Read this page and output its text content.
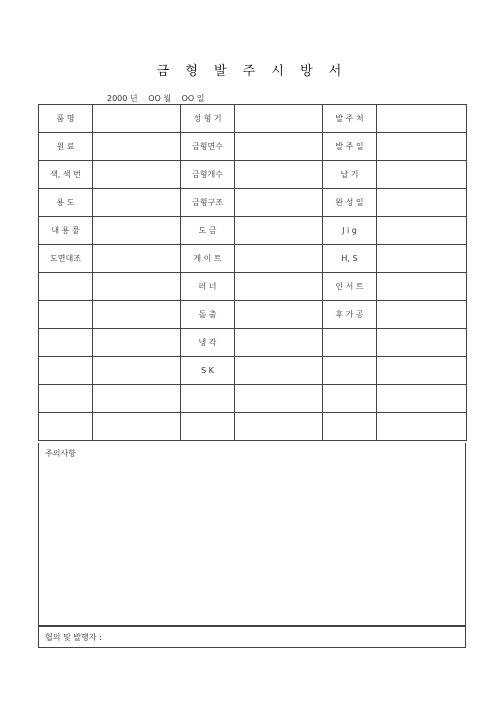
금 형 발 주 시 방 서
2000 년 OO 월 OO 일
품 명		성 형 기		발 주 처	
원 료		금형면수		발 주 일	
색, 색 번		금형개수		납 기	
용 도		금형구조		완 성 일	
내 용 물		도 금		J i g	
도면대조		게 이 트		H, S	
		러 너		인 서 트	
		돌 출		후 가 공	
		냉 각			
		S K			

주의사항
협의 및 발행자 :
